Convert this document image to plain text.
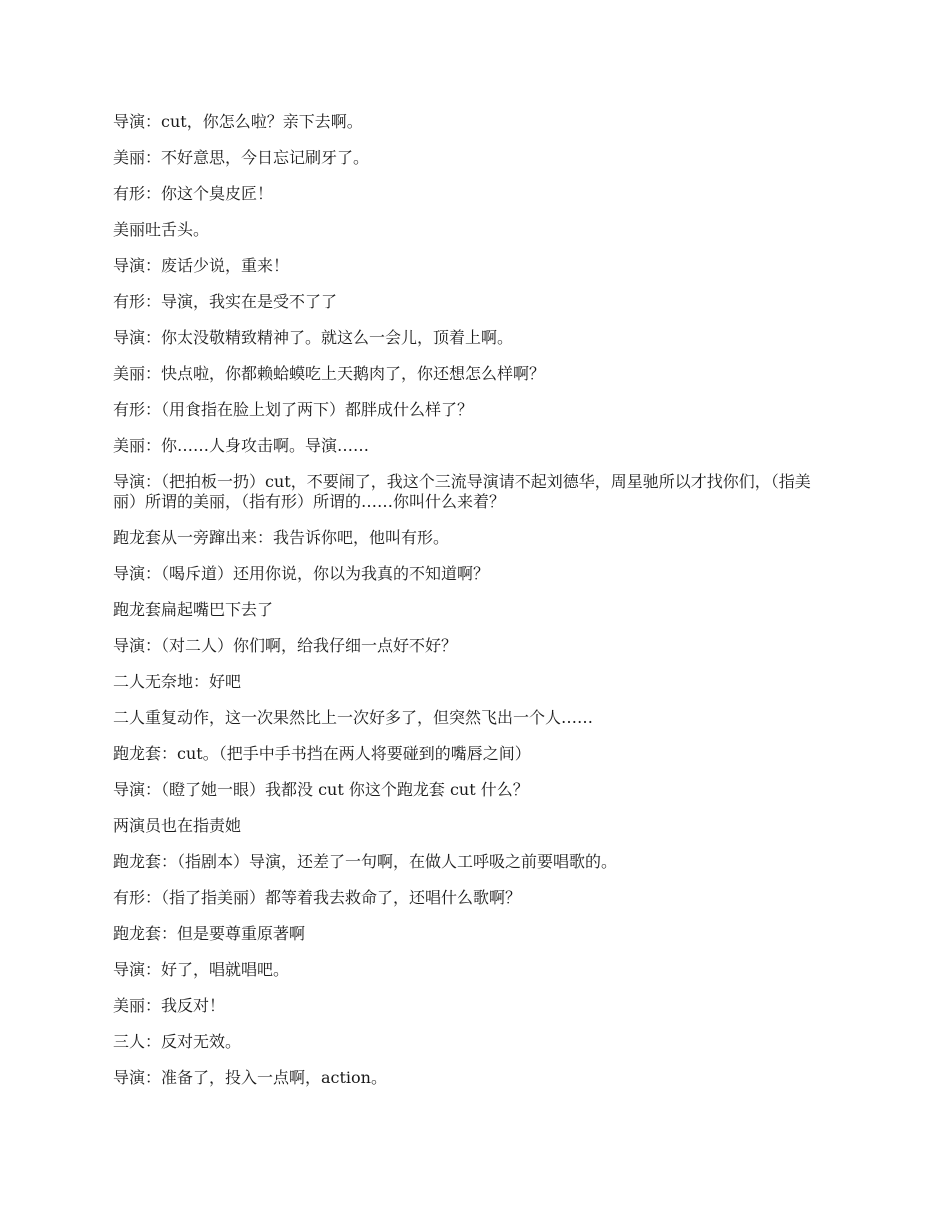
导演：cut，你怎么啦？亲下去啊。

美丽：不好意思，今日忘记刷牙了。

有形：你这个臭皮匠！

美丽吐舌头。

导演：废话少说，重来！

有形：导演，我实在是受不了了

导演：你太没敬精致精神了。就这么一会儿，顶着上啊。

美丽：快点啦，你都赖蛤蟆吃上天鹅肉了，你还想怎么样啊？

有形：（用食指在脸上划了两下）都胖成什么样了？

美丽：你……人身攻击啊。导演……

导演：（把拍板一扔）cut，不要闹了，我这个三流导演请不起刘德华，周星驰所以才找你们，（指美丽）所谓的美丽，（指有形）所谓的……你叫什么来着？

跑龙套从一旁蹿出来：我告诉你吧，他叫有形。

导演：（喝斥道）还用你说，你以为我真的不知道啊？

跑龙套扁起嘴巴下去了

导演：（对二人）你们啊，给我仔细一点好不好？

二人无奈地：好吧

二人重复动作，这一次果然比上一次好多了，但突然飞出一个人……

跑龙套：cut。（把手中手书挡在两人将要碰到的嘴唇之间）

导演：（瞪了她一眼）我都没 cut 你这个跑龙套 cut 什么？

两演员也在指责她

跑龙套：（指剧本）导演，还差了一句啊，在做人工呼吸之前要唱歌的。

有形：（指了指美丽）都等着我去救命了，还唱什么歌啊？

跑龙套：但是要尊重原著啊

导演：好了，唱就唱吧。

美丽：我反对！

三人：反对无效。

导演：准备了，投入一点啊，action。
